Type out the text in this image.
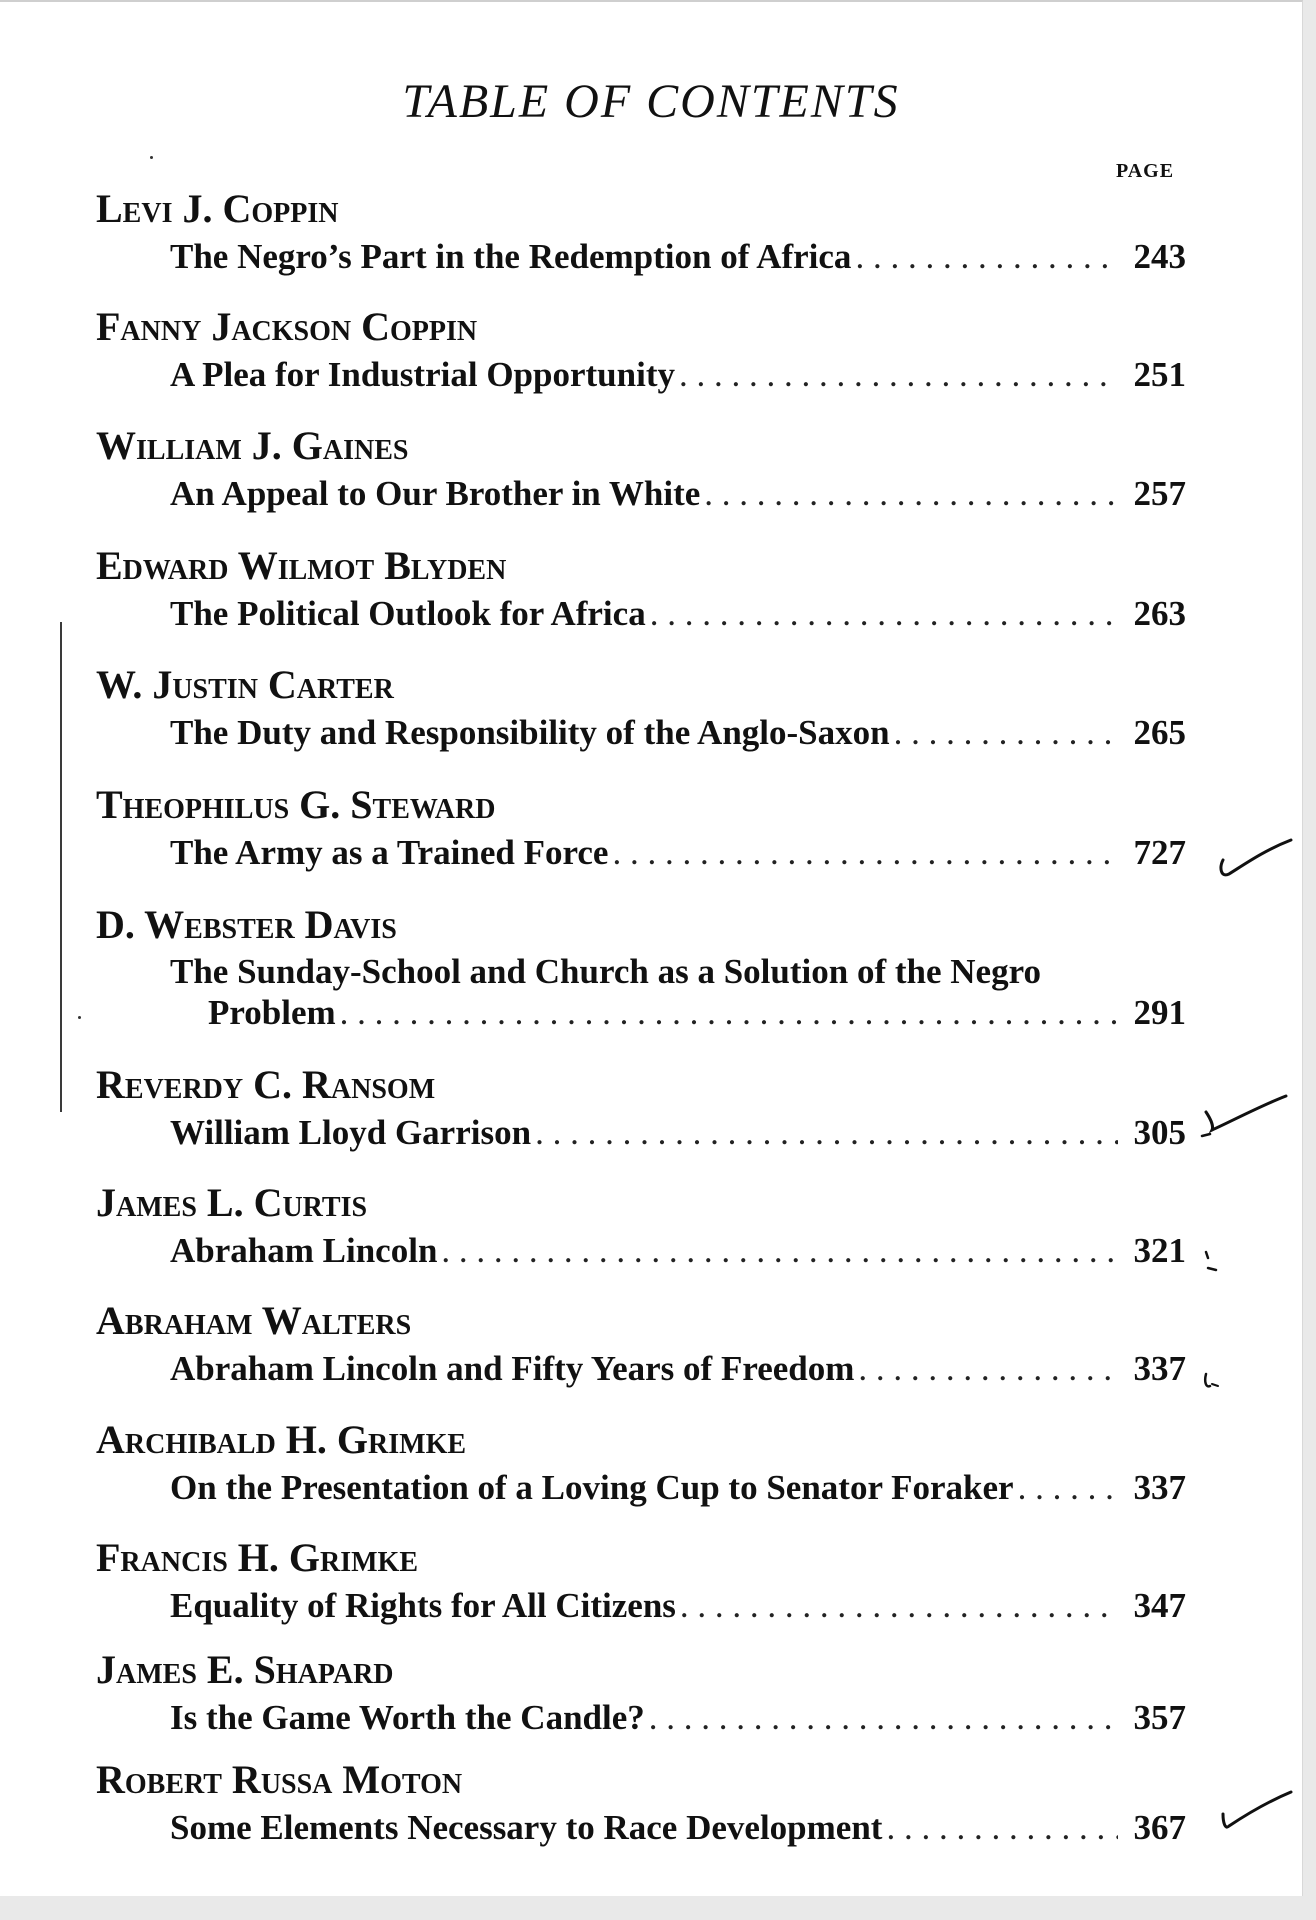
TABLE OF CONTENTS
PAGE
Levi J. Coppin
The Negro’s Part in the Redemption of Africa . . .	243
Fanny Jackson Coppin
A Plea for Industrial Opportunity . . .	251
William J. Gaines
An Appeal to Our Brother in White . . .	257
Edward Wilmot Blyden
The Political Outlook for Africa . . .	263
W. Justin Carter
The Duty and Responsibility of the Anglo-Saxon . . .	265
Theophilus G. Steward
The Army as a Trained Force . . .	727
D. Webster Davis
The Sunday-School and Church as a Solution of the Negro
Problem . . .	291
Reverdy C. Ransom
William Lloyd Garrison . . .	305
James L. Curtis
Abraham Lincoln . . .	321
Abraham Walters
Abraham Lincoln and Fifty Years of Freedom . . .	337
Archibald H. Grimke
On the Presentation of a Loving Cup to Senator Foraker . . .	337
Francis H. Grimke
Equality of Rights for All Citizens . . .	347
James E. Shapard
Is the Game Worth the Candle? . . .	357
Robert Russa Moton
Some Elements Necessary to Race Development . . .	367
